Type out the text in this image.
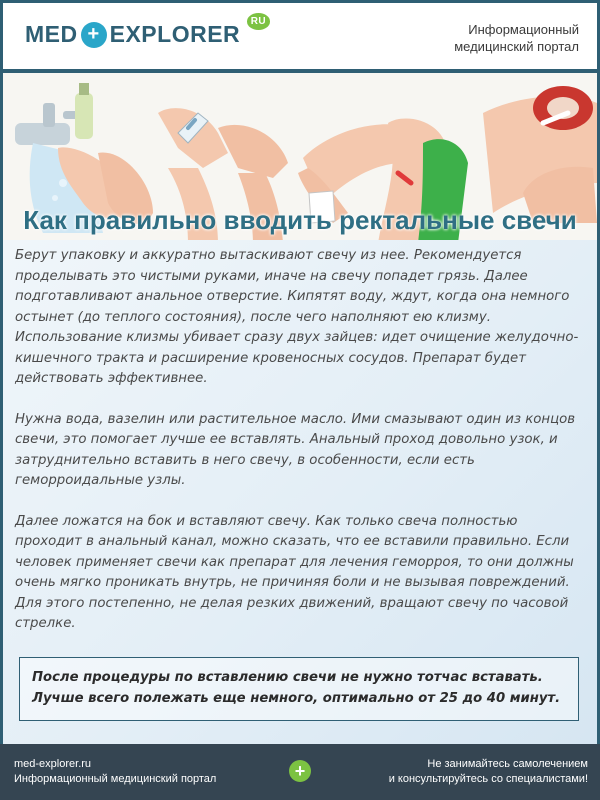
MED + EXPLORER	RU
Информационный
медицинский портал
Как правильно вводить ректальные свечи

Берут упаковку и аккуратно вытаскивают свечу из нее. Рекомендуется проделывать это чистыми руками, иначе на свечу попадет грязь. Далее подготавливают анальное отверстие. Кипятят воду, ждут, когда она немного остынет (до теплого состояния), после чего наполняют ею клизму. Использование клизмы убивает сразу двух зайцев: идет очищение желудочно-кишечного тракта и расширение кровеносных сосудов. Препарат будет действовать эффективнее.

Нужна вода, вазелин или растительное масло. Ими смазывают один из концов свечи, это помогает лучше ее вставлять. Анальный проход довольно узок, и затруднительно вставить в него свечу, в особенности, если есть геморроидальные узлы.

Далее ложатся на бок и вставляют свечу. Как только свеча полностью проходит в анальный канал, можно сказать, что ее вставили правильно. Если человек применяет свечи как препарат для лечения геморроя, то они должны очень мягко проникать внутрь, не причиняя боли и не вызывая повреждений. Для этого постепенно, не делая резких движений, вращают свечу по часовой стрелке.

После процедуры по вставлению свечи не нужно тотчас вставать.
Лучше всего полежать еще немного, оптимально от 25 до 40 минут.
med-explorer.ru
Информационный медицинский портал	+	Не занимайтесь самолечением
и консультируйтесь со специалистами!
